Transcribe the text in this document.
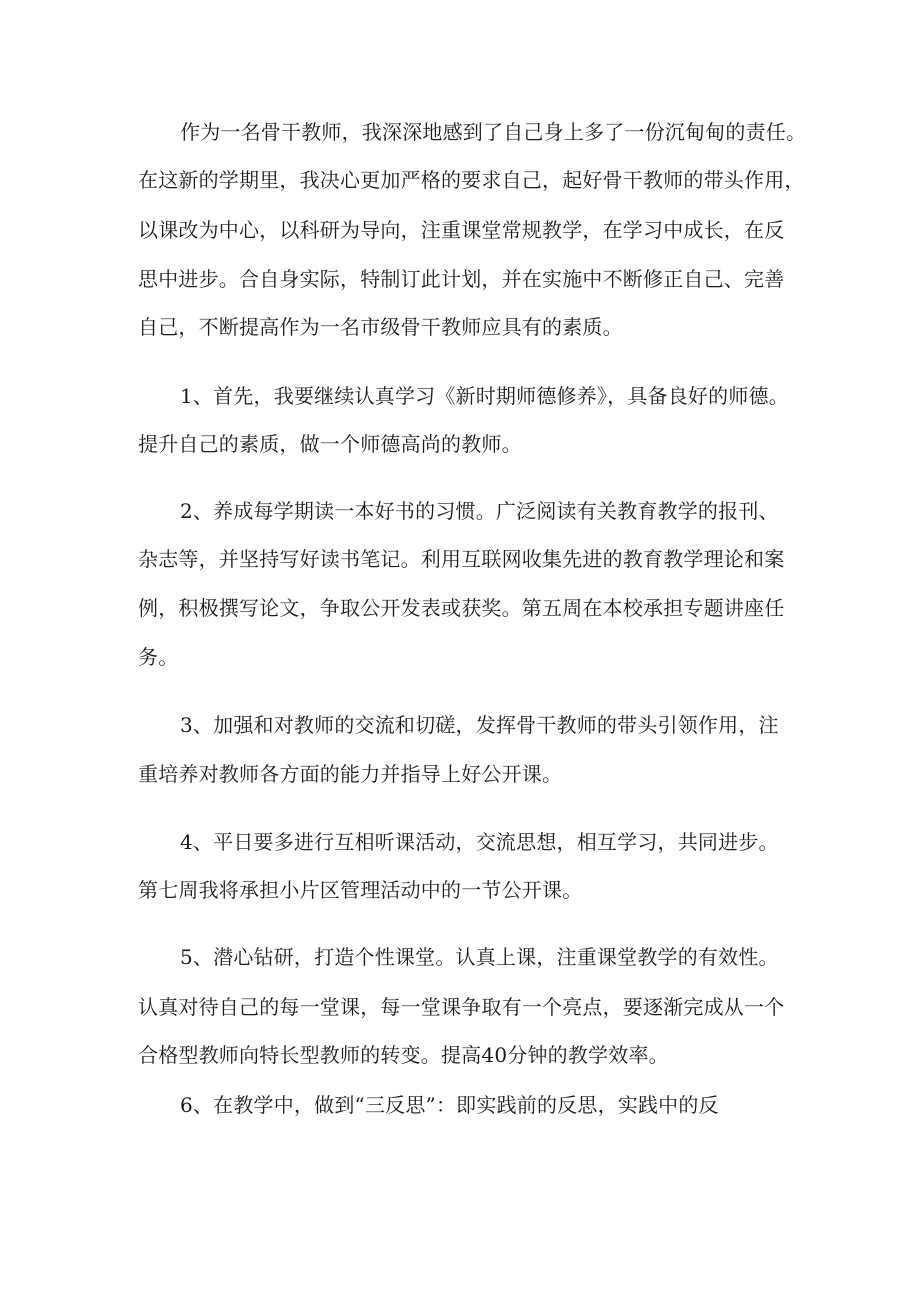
作为一名骨干教师，我深深地感到了自己身上多了一份沉甸甸的责任。
在这新的学期里，我决心更加严格的要求自己，起好骨干教师的带头作用，
以课改为中心，以科研为导向，注重课堂常规教学，在学习中成长，在反
思中进步。合自身实际，特制订此计划，并在实施中不断修正自己、完善
自己，不断提高作为一名市级骨干教师应具有的素质。
1、首先，我要继续认真学习《新时期师德修养》，具备良好的师德。
提升自己的素质，做一个师德高尚的教师。
2、养成每学期读一本好书的习惯。广泛阅读有关教育教学的报刊、
杂志等，并坚持写好读书笔记。利用互联网收集先进的教育教学理论和案
例，积极撰写论文，争取公开发表或获奖。第五周在本校承担专题讲座任
务。
3、加强和对教师的交流和切磋，发挥骨干教师的带头引领作用，注
重培养对教师各方面的能力并指导上好公开课。
4、平日要多进行互相听课活动，交流思想，相互学习，共同进步。
第七周我将承担小片区管理活动中的一节公开课。
5、潜心钻研，打造个性课堂。认真上课，注重课堂教学的有效性。
认真对待自己的每一堂课，每一堂课争取有一个亮点，要逐渐完成从一个
合格型教师向特长型教师的转变。提高40分钟的教学效率。
6、在教学中，做到“三反思”：即实践前的反思，实践中的反
